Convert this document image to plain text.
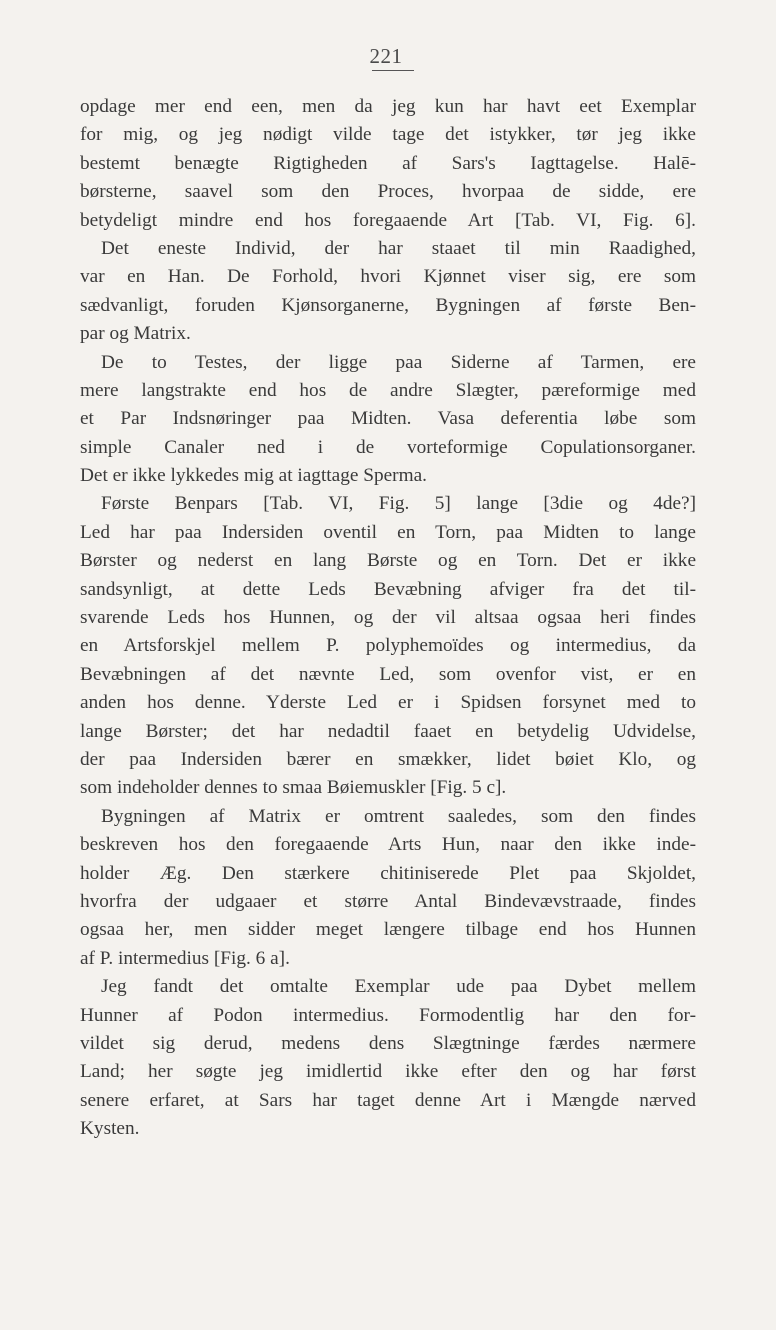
221
opdage mer end een, men da jeg kun har havt eet Exemplar
for mig, og jeg nødigt vilde tage det istykker, tør jeg ikke
bestemt benægte Rigtigheden af Sars's Iagttagelse. Halē-
børsterne, saavel som den Proces, hvorpaa de sidde, ere
betydeligt mindre end hos foregaaende Art [Tab. VI, Fig. 6].
Det eneste Individ, der har staaet til min Raadighed,
var en Han. De Forhold, hvori Kjønnet viser sig, ere som
sædvanligt, foruden Kjønsorganerne, Bygningen af første Ben-
par og Matrix.
De to Testes, der ligge paa Siderne af Tarmen, ere
mere langstrakte end hos de andre Slægter, pæreformige med
et Par Indsnøringer paa Midten. Vasa deferentia løbe som
simple Canaler ned i de vorteformige Copulationsorganer.
Det er ikke lykkedes mig at iagttage Sperma.
Første Benpars [Tab. VI, Fig. 5] lange [3die og 4de?]
Led har paa Indersiden oventil en Torn, paa Midten to lange
Børster og nederst en lang Børste og en Torn. Det er ikke
sandsynligt, at dette Leds Bevæbning afviger fra det til-
svarende Leds hos Hunnen, og der vil altsaa ogsaa heri findes
en Artsforskjel mellem P. polyphemoïdes og intermedius, da
Bevæbningen af det nævnte Led, som ovenfor vist, er en
anden hos denne. Yderste Led er i Spidsen forsynet med to
lange Børster; det har nedadtil faaet en betydelig Udvidelse,
der paa Indersiden bærer en smækker, lidet bøiet Klo, og
som indeholder dennes to smaa Bøiemuskler [Fig. 5 c].
Bygningen af Matrix er omtrent saaledes, som den findes
beskreven hos den foregaaende Arts Hun, naar den ikke inde-
holder Æg. Den stærkere chitiniserede Plet paa Skjoldet,
hvorfra der udgaaer et større Antal Bindevævstraade, findes
ogsaa her, men sidder meget længere tilbage end hos Hunnen
af P. intermedius [Fig. 6 a].
Jeg fandt det omtalte Exemplar ude paa Dybet mellem
Hunner af Podon intermedius. Formodentlig har den for-
vildet sig derud, medens dens Slægtninge færdes nærmere
Land; her søgte jeg imidlertid ikke efter den og har først
senere erfaret, at Sars har taget denne Art i Mængde nærved
Kysten.
